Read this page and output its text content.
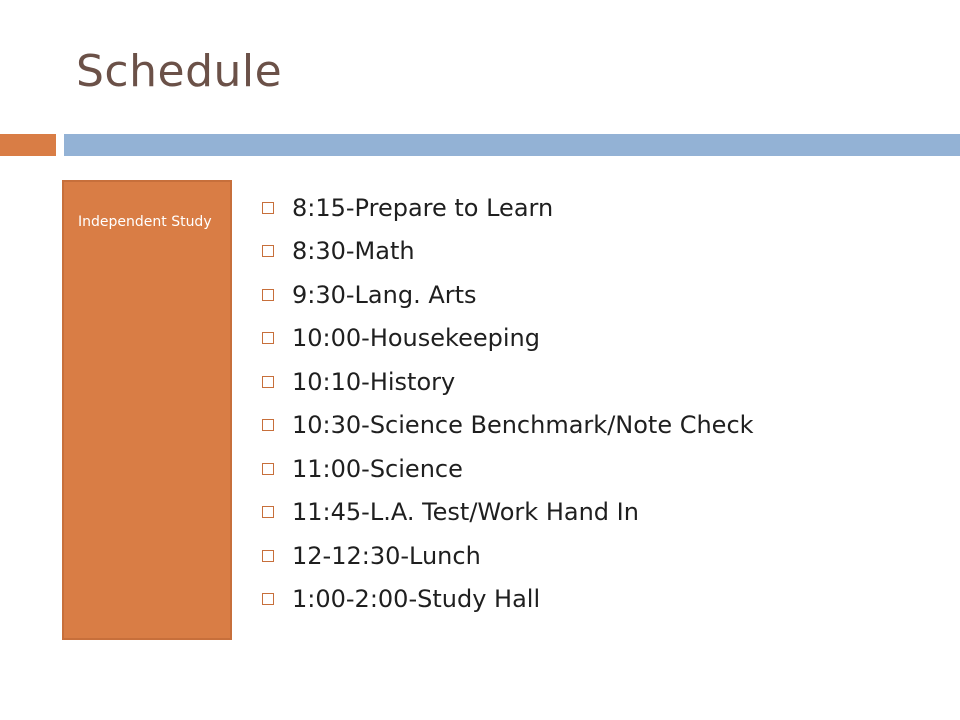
Schedule
Independent Study
8:15-Prepare to Learn
8:30-Math
9:30-Lang. Arts
10:00-Housekeeping
10:10-History
10:30-Science Benchmark/Note Check
11:00-Science
11:45-L.A. Test/Work Hand In
12-12:30-Lunch
1:00-2:00-Study Hall
